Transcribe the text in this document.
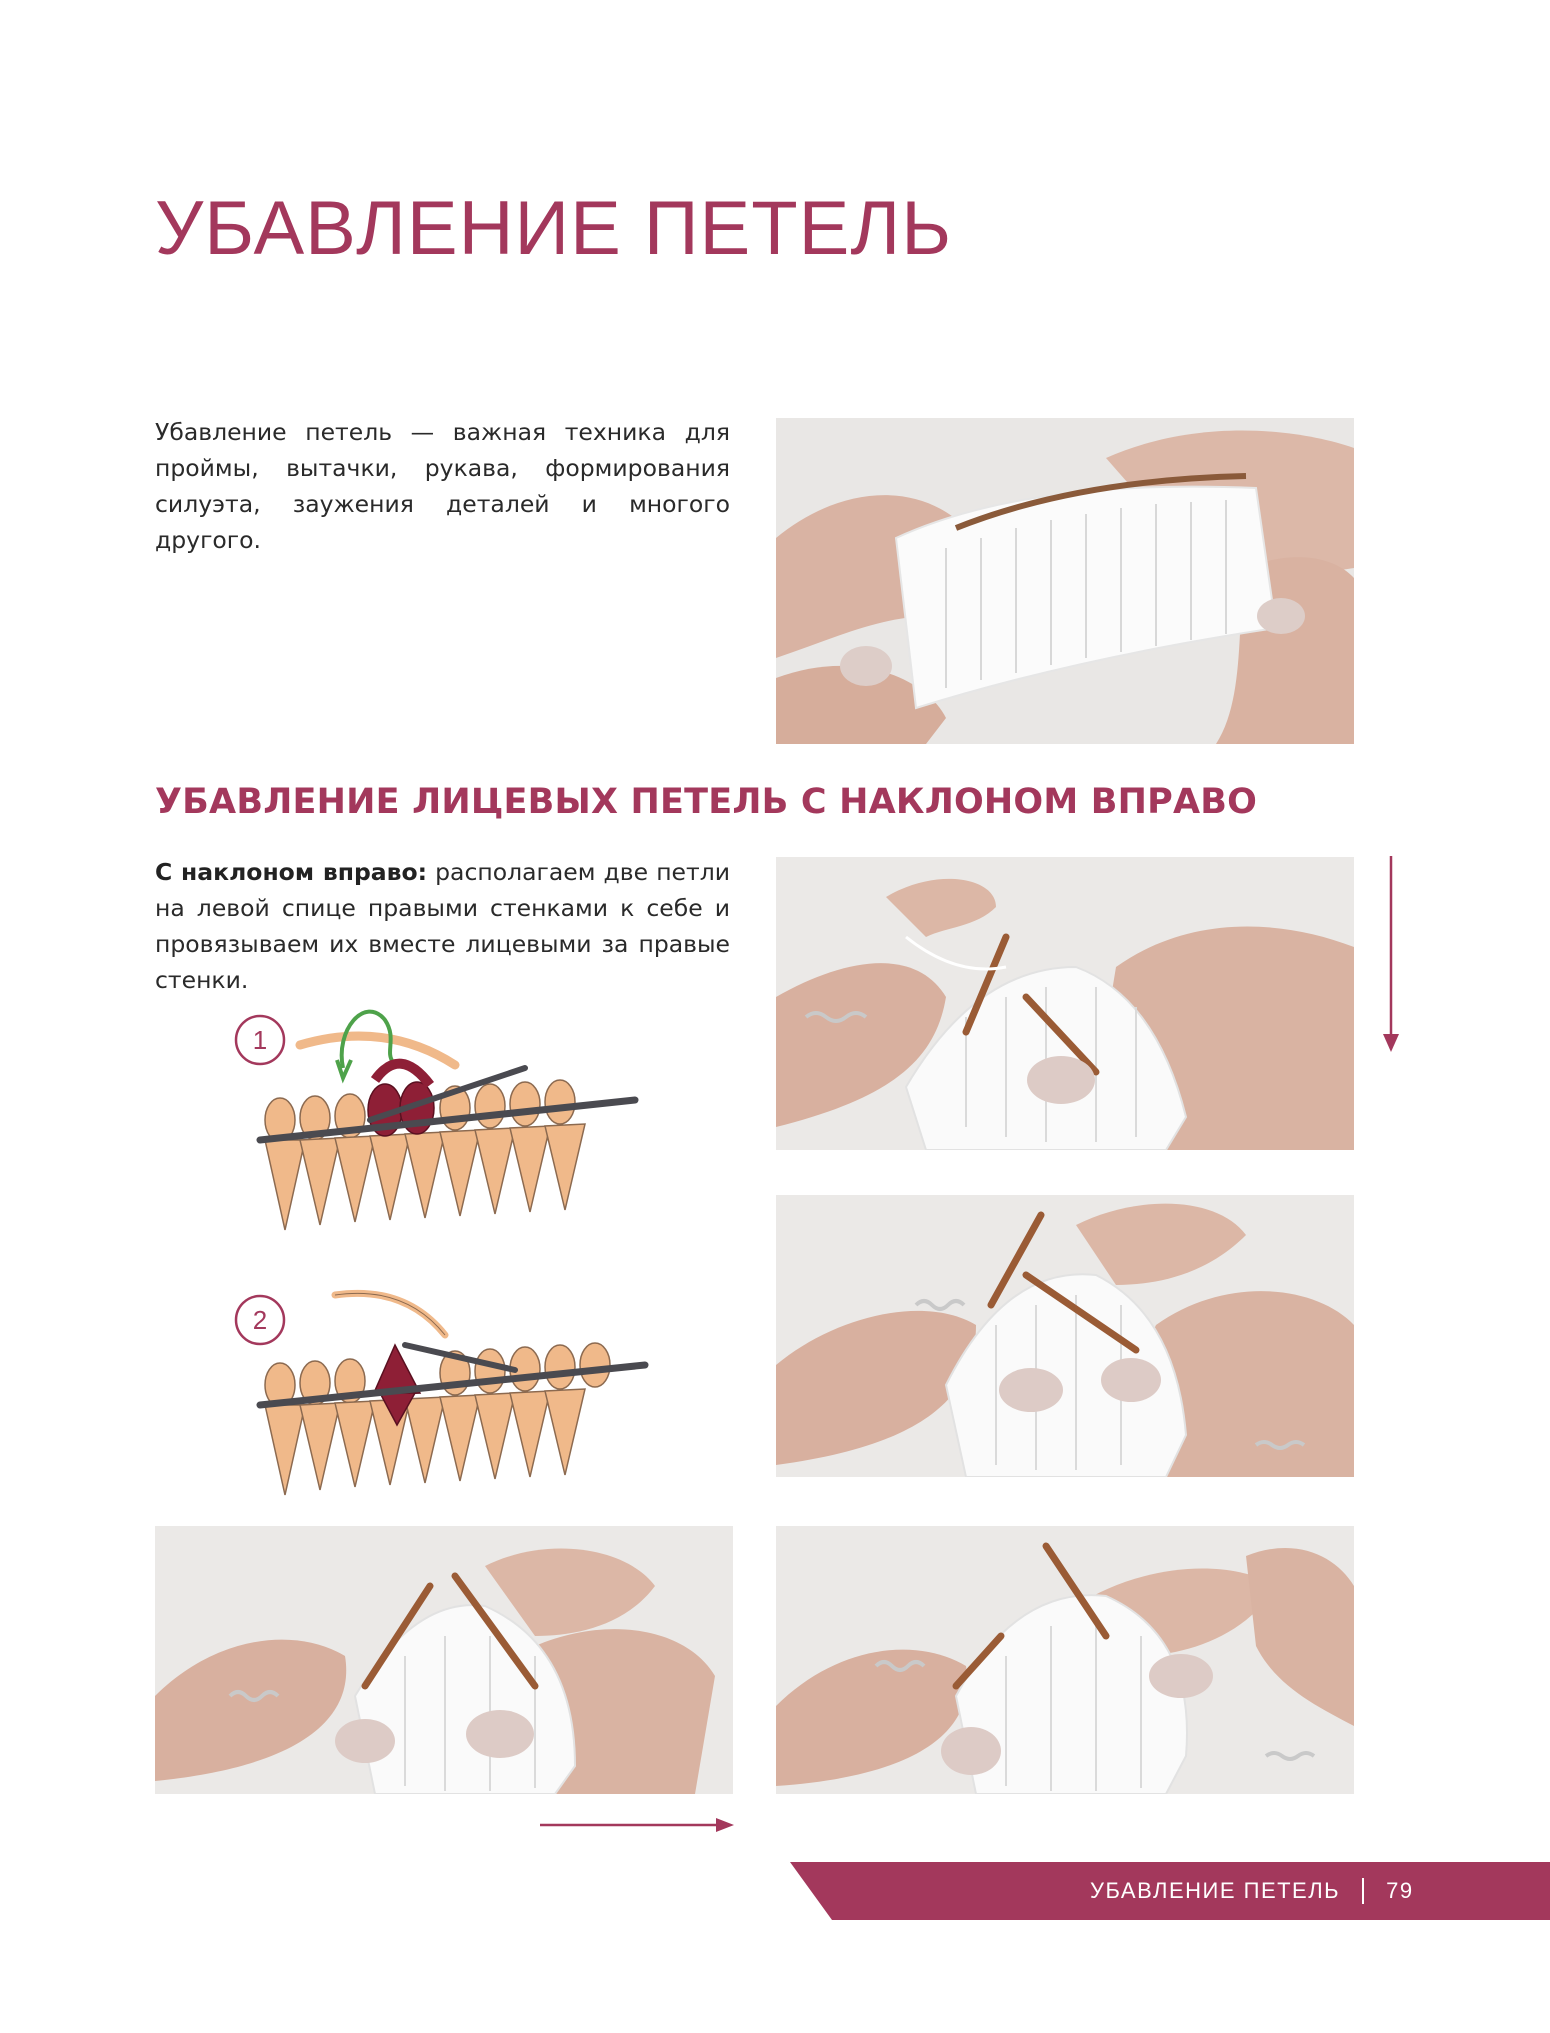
УБАВЛЕНИЕ ПЕТЕЛЬ

Убавление петель — важная техника для проймы, вытачки, рукава, формирования силуэта, заужения деталей и многого другого.

УБАВЛЕНИЕ ЛИЦЕВЫХ ПЕТЕЛЬ С НАКЛОНОМ ВПРАВО

С наклоном вправо: располагаем две петли на левой спице правыми стенками к себе и провязываем их вместе лицевыми за правые стенки.

1
2
УБАВЛЕНИЕ ПЕТЕЛЬ 79
